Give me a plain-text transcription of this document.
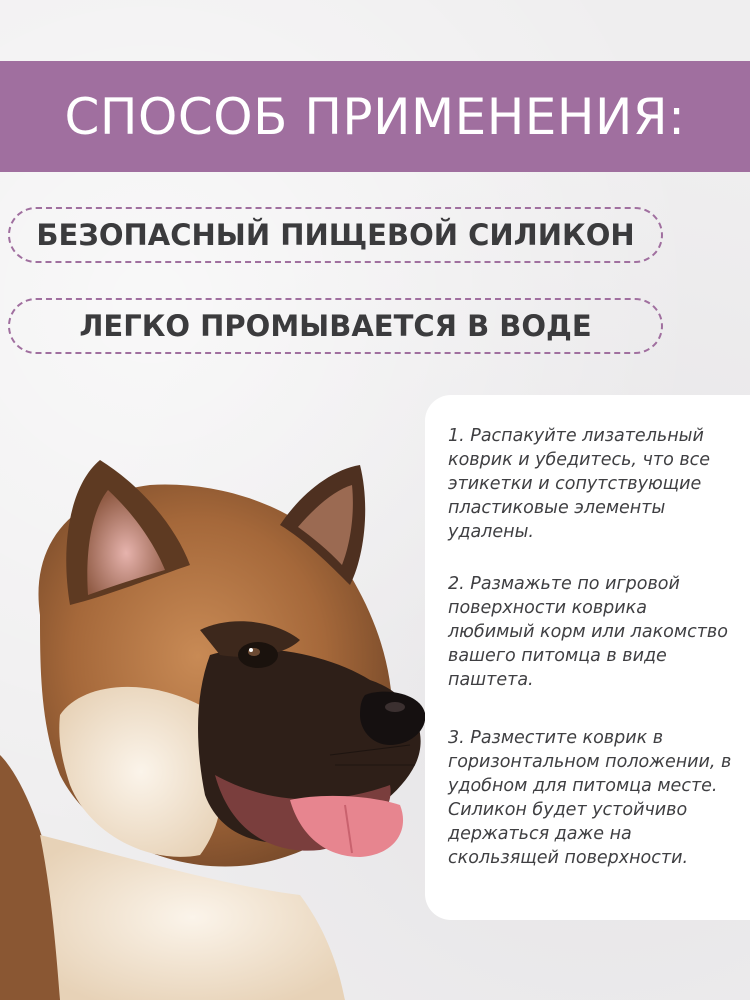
СПОСОБ ПРИМЕНЕНИЯ:
БЕЗОПАСНЫЙ ПИЩЕВОЙ СИЛИКОН
ЛЕГКО ПРОМЫВАЕТСЯ В ВОДЕ
1. Распакуйте лизательный коврик и убедитесь, что все этикетки и сопутствующие пластиковые элементы удалены.
2. Размажьте по игровой поверхности коврика любимый корм или лакомство вашего питомца в виде паштета.
3. Разместите коврик в горизонтальном положении, в удобном для питомца месте. Силикон будет устойчиво держаться даже на скользящей поверхности.
